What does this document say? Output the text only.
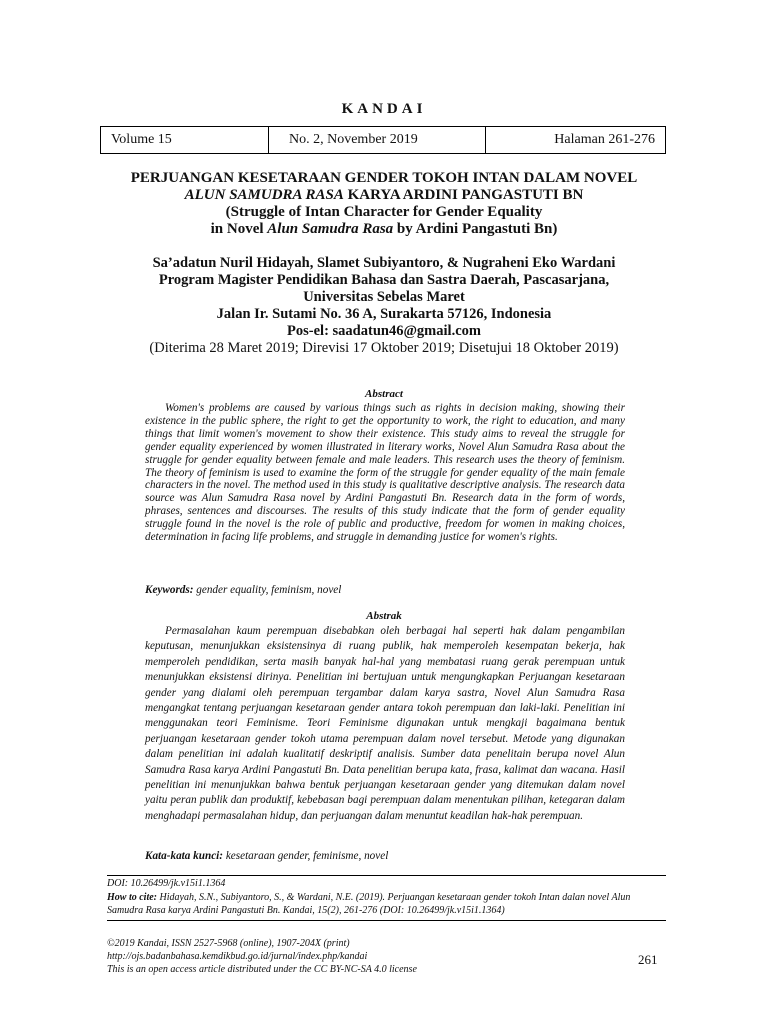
KANDAI
Volume 15	No. 2, November 2019	Halaman 261-276
PERJUANGAN KESETARAAN GENDER TOKOH INTAN DALAM NOVEL
ALUN SAMUDRA RASA KARYA ARDINI PANGASTUTI BN
(Struggle of Intan Character for Gender Equality
in Novel Alun Samudra Rasa by Ardini Pangastuti Bn)
Sa’adatun Nuril Hidayah, Slamet Subiyantoro, & Nugraheni Eko Wardani
Program Magister Pendidikan Bahasa dan Sastra Daerah, Pascasarjana,
Universitas Sebelas Maret
Jalan Ir. Sutami No. 36 A, Surakarta 57126, Indonesia
Pos-el: saadatun46@gmail.com
(Diterima 28 Maret 2019; Direvisi 17 Oktober 2019; Disetujui 18 Oktober 2019)
Abstract

Women's problems are caused by various things such as rights in decision making, showing their existence in the public sphere, the right to get the opportunity to work, the right to education, and many things that limit women's movement to show their existence. This study aims to reveal the struggle for gender equality experienced by women illustrated in literary works, Novel Alun Samudra Rasa about the struggle for gender equality between female and male leaders. This research uses the theory of feminism. The theory of feminism is used to examine the form of the struggle for gender equality of the main female characters in the novel. The method used in this study is qualitative descriptive analysis. The research data source was Alun Samudra Rasa novel by Ardini Pangastuti Bn. Research data in the form of words, phrases, sentences and discourses. The results of this study indicate that the form of gender equality struggle found in the novel is the role of public and productive, freedom for women in making choices, determination in facing life problems, and struggle in demanding justice for women's rights.

Keywords: gender equality, feminism, novel
Abstrak

Permasalahan kaum perempuan disebabkan oleh berbagai hal seperti hak dalam pengambilan keputusan, menunjukkan eksistensinya di ruang publik, hak memperoleh kesempatan bekerja, hak memperoleh pendidikan, serta masih banyak hal-hal yang membatasi ruang gerak perempuan untuk menunjukkan eksistensi dirinya. Penelitian ini bertujuan untuk mengungkapkan Perjuangan kesetaraan gender yang dialami oleh perempuan tergambar dalam karya sastra, Novel Alun Samudra Rasa mengangkat tentang perjuangan kesetaraan gender antara tokoh perempuan dan laki-laki. Penelitian ini menggunakan teori Feminisme. Teori Feminisme digunakan untuk mengkaji bagaimana bentuk perjuangan kesetaraan gender tokoh utama perempuan dalam novel tersebut. Metode yang digunakan dalam penelitian ini adalah kualitatif deskriptif analisis. Sumber data penelitain berupa novel Alun Samudra Rasa karya Ardini Pangastuti Bn. Data penelitian berupa kata, frasa, kalimat dan wacana. Hasil penelitian ini menunjukkan bahwa bentuk perjuangan kesetaraan gender yang ditemukan dalam novel yaitu peran publik dan produktif, kebebasan bagi perempuan dalam menentukan pilihan, ketegaran dalam menghadapi permasalahan hidup, dan perjuangan dalam menuntut keadilan hak-hak perempuan.

Kata-kata kunci: kesetaraan gender, feminisme, novel
DOI: 10.26499/jk.v15i1.1364
How to cite: Hidayah, S.N., Subiyantoro, S., & Wardani, N.E. (2019). Perjuangan kesetaraan gender tokoh Intan dalan novel Alun Samudra Rasa karya Ardini Pangastuti Bn. Kandai, 15(2), 261-276 (DOI: 10.26499/jk.v15i1.1364)
©2019 Kandai, ISSN 2527-5968 (online), 1907-204X (print)
http://ojs.badanbahasa.kemdikbud.go.id/jurnal/index.php/kandai
This is an open access article distributed under the CC BY-NC-SA 4.0 license
261
